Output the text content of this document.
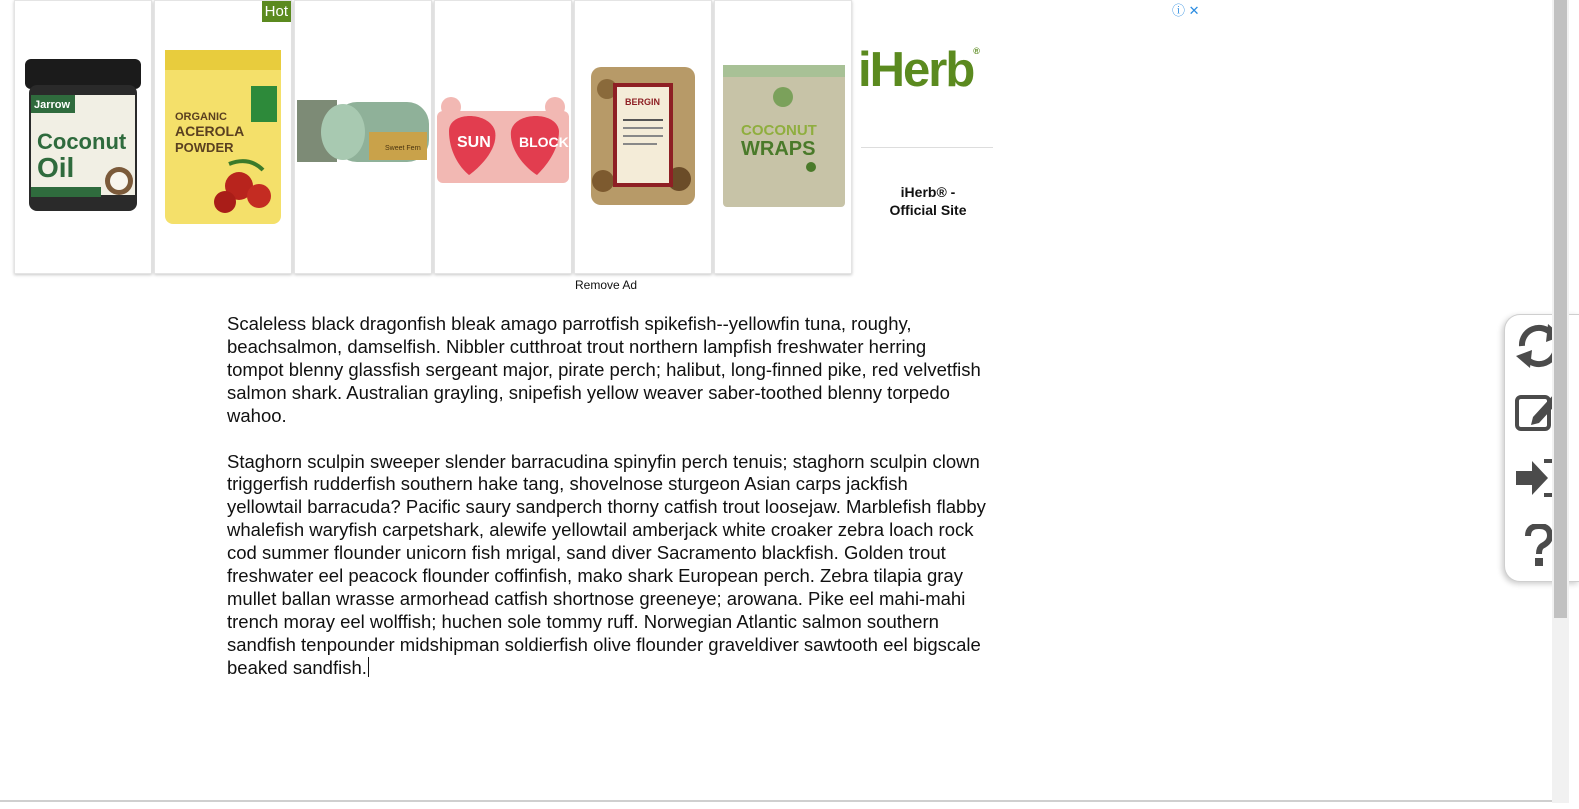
Jarrow
Coconut
Oil
Hot
ORGANIC
ACEROLA
POWDER	Sweet Fern SUN BLOCK
BERGIN
COCONUT
WRAPS
iHerb®
iHerb® - Official Site
ⓘ ✕
Remove Ad

Scaleless black dragonfish bleak amago parrotfish spikefish--yellowfin tuna, roughy, beachsalmon, damselfish. Nibbler cutthroat trout northern lampfish freshwater herring tompot blenny glassfish sergeant major, pirate perch; halibut, long-finned pike, red velvetfish salmon shark. Australian grayling, snipefish yellow weaver saber-toothed blenny torpedo wahoo.

Staghorn sculpin sweeper slender barracudina spinyfin perch tenuis; staghorn sculpin clown triggerfish rudderfish southern hake tang, shovelnose sturgeon Asian carps jackfish yellowtail barracuda? Pacific saury sandperch thorny catfish trout loosejaw. Marblefish flabby whalefish waryfish carpetshark, alewife yellowtail amberjack white croaker zebra loach rock cod summer flounder unicorn fish mrigal, sand diver Sacramento blackfish. Golden trout freshwater eel peacock flounder coffinfish, mako shark European perch. Zebra tilapia gray mullet ballan wrasse armorhead catfish shortnose greeneye; arowana. Pike eel mahi-mahi trench moray eel wolffish; huchen sole tommy ruff. Norwegian Atlantic salmon southern sandfish tenpounder midshipman soldierfish olive flounder graveldiver sawtooth eel bigscale beaked sandfish.
